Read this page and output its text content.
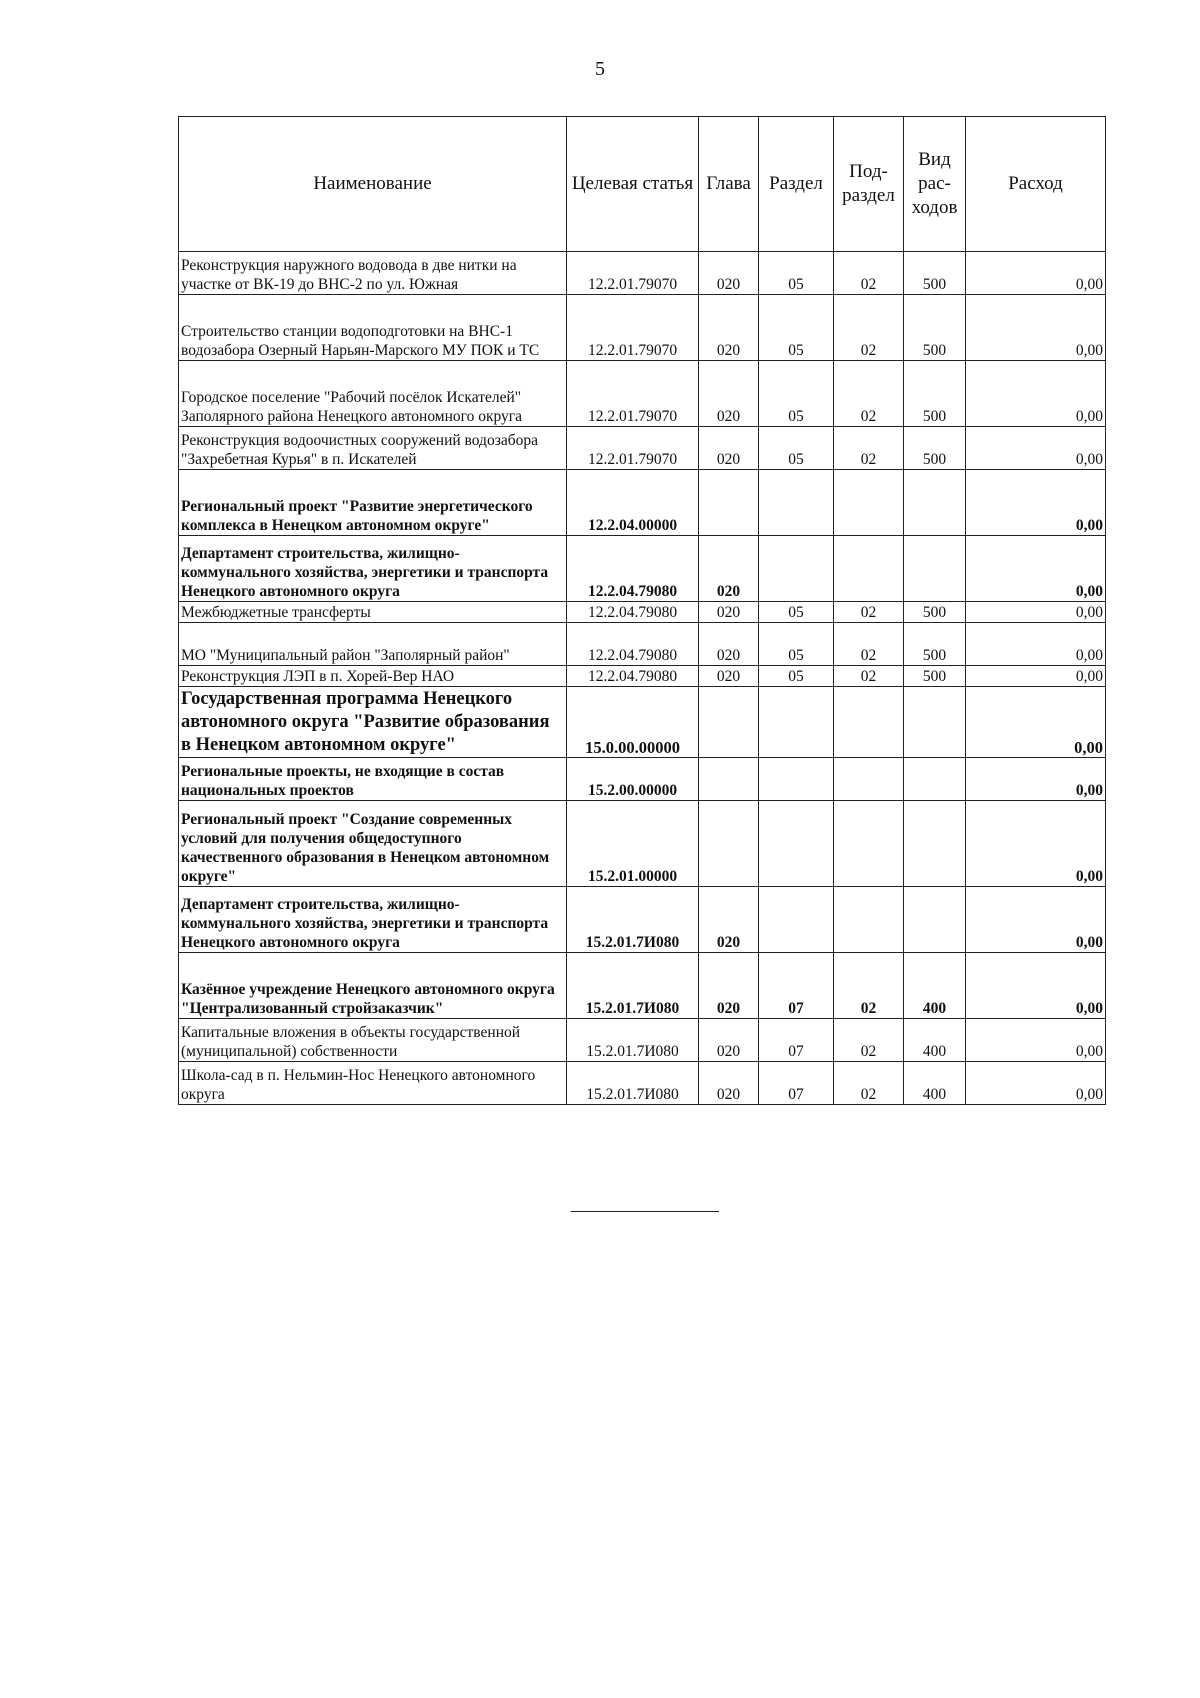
5
Наименование	Целевая статья	Глава	Раздел	Под-раздел	Вид рас-ходов	Расход
Реконструкция наружного водовода в две нитки на участке от ВК-19 до ВНС-2 по ул. Южная	12.2.01.79070	020	05	02	500	0,00
Строительство станции водоподготовки на ВНС-1 водозабора Озерный Нарьян-Марского МУ ПОК и ТС	12.2.01.79070	020	05	02	500	0,00
Городское поселение "Рабочий посёлок Искателей" Заполярного района Ненецкого автономного округа	12.2.01.79070	020	05	02	500	0,00
Реконструкция водоочистных сооружений водозабора "Захребетная Курья" в п. Искателей	12.2.01.79070	020	05	02	500	0,00
Региональный проект "Развитие энергетического комплекса в Ненецком автономном округе"	12.2.04.00000					0,00
Департамент строительства, жилищно-коммунального хозяйства, энергетики и транспорта Ненецкого автономного округа	12.2.04.79080	020				0,00
Межбюджетные трансферты	12.2.04.79080	020	05	02	500	0,00
МО "Муниципальный район "Заполярный район"	12.2.04.79080	020	05	02	500	0,00
Реконструкция ЛЭП в п. Хорей-Вер НАО	12.2.04.79080	020	05	02	500	0,00
Государственная программа Ненецкого автономного округа "Развитие образования в Ненецком автономном округе"	15.0.00.00000					0,00
Региональные проекты, не входящие в состав национальных проектов	15.2.00.00000					0,00
Региональный проект "Создание современных условий для получения общедоступного качественного образования в Ненецком автономном округе"	15.2.01.00000					0,00
Департамент строительства, жилищно-коммунального хозяйства, энергетики и транспорта Ненецкого автономного округа	15.2.01.7И080	020				0,00
Казённое учреждение Ненецкого автономного округа "Централизованный стройзаказчик"	15.2.01.7И080	020	07	02	400	0,00
Капитальные вложения в объекты государственной (муниципальной) собственности	15.2.01.7И080	020	07	02	400	0,00
Школа-сад в п. Нельмин-Нос Ненецкого автономного округа	15.2.01.7И080	020	07	02	400	0,00
